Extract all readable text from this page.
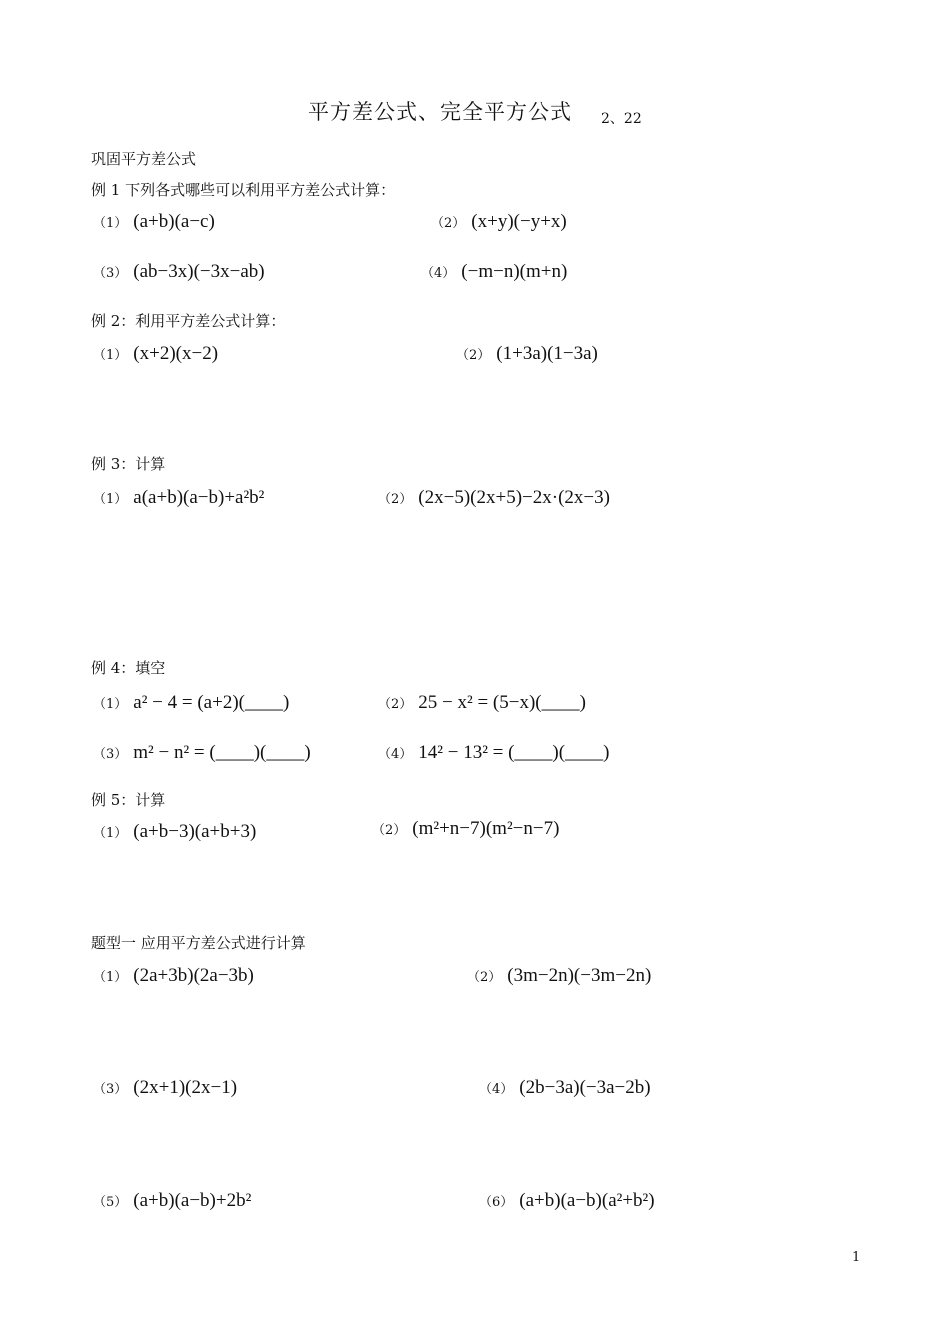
平方差公式、完全平方公式 2、22
巩固平方差公式
例 1 下列各式哪些可以利用平方差公式计算：
（1） (a+b)(a−c)	（2） (x+y)(−y+x)
（3） (ab−3x)(−3x−ab)	（4） (−m−n)(m+n)
例 2：利用平方差公式计算：
（1） (x+2)(x−2)	（2） (1+3a)(1−3a)
例 3：计算
（1） a(a+b)(a−b)+a²b²	（2） (2x−5)(2x+5)−2x·(2x−3)
例 4：填空
（1） a² − 4 = (a+2)(____)	（2） 25 − x² = (5−x)(____)
（3） m² − n² = (____)(____)	（4） 14² − 13² = (____)(____)
例 5：计算
（1） (a+b−3)(a+b+3)	（2） (m²+n−7)(m²−n−7)
题型一 应用平方差公式进行计算
（1） (2a+3b)(2a−3b)	（2） (3m−2n)(−3m−2n)
（3） (2x+1)(2x−1)	（4） (2b−3a)(−3a−2b)
（5） (a+b)(a−b)+2b²	（6） (a+b)(a−b)(a²+b²)
1
